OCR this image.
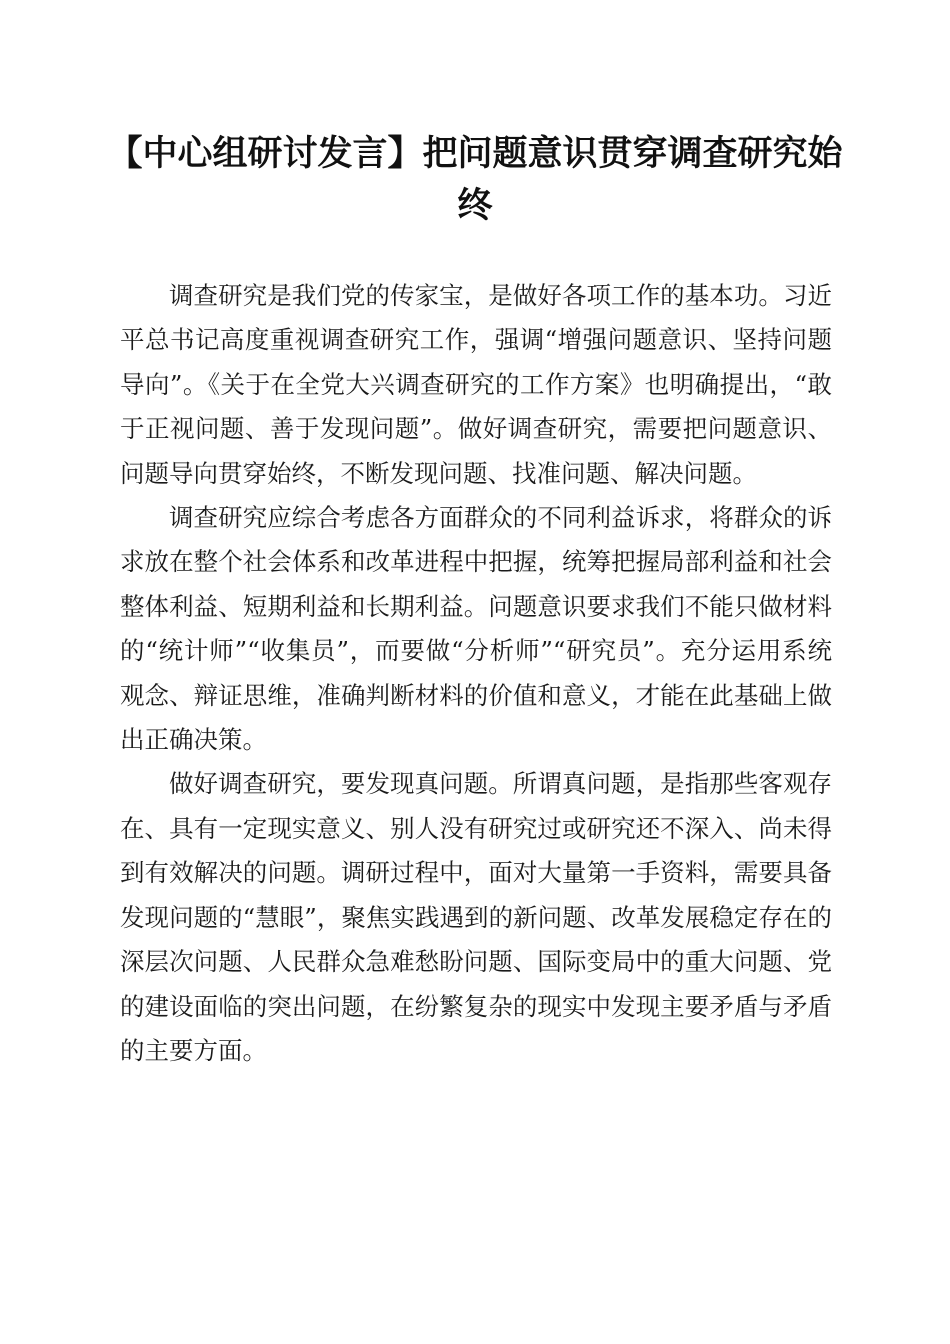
【中心组研讨发言】把问题意识贯穿调查研究始终

调查研究是我们党的传家宝，是做好各项工作的基本功。习近平总书记高度重视调查研究工作，强调“增强问题意识、坚持问题导向”。《关于在全党大兴调查研究的工作方案》也明确提出，“敢于正视问题、善于发现问题”。做好调查研究，需要把问题意识、问题导向贯穿始终，不断发现问题、找准问题、解决问题。

调查研究应综合考虑各方面群众的不同利益诉求，将群众的诉求放在整个社会体系和改革进程中把握，统筹把握局部利益和社会整体利益、短期利益和长期利益。问题意识要求我们不能只做材料的“统计师”“收集员”，而要做“分析师”“研究员”。充分运用系统观念、辩证思维，准确判断材料的价值和意义，才能在此基础上做出正确决策。

做好调查研究，要发现真问题。所谓真问题，是指那些客观存在、具有一定现实意义、别人没有研究过或研究还不深入、尚未得到有效解决的问题。调研过程中，面对大量第一手资料，需要具备发现问题的“慧眼”，聚焦实践遇到的新问题、改革发展稳定存在的深层次问题、人民群众急难愁盼问题、国际变局中的重大问题、党的建设面临的突出问题，在纷繁复杂的现实中发现主要矛盾与矛盾的主要方面。
